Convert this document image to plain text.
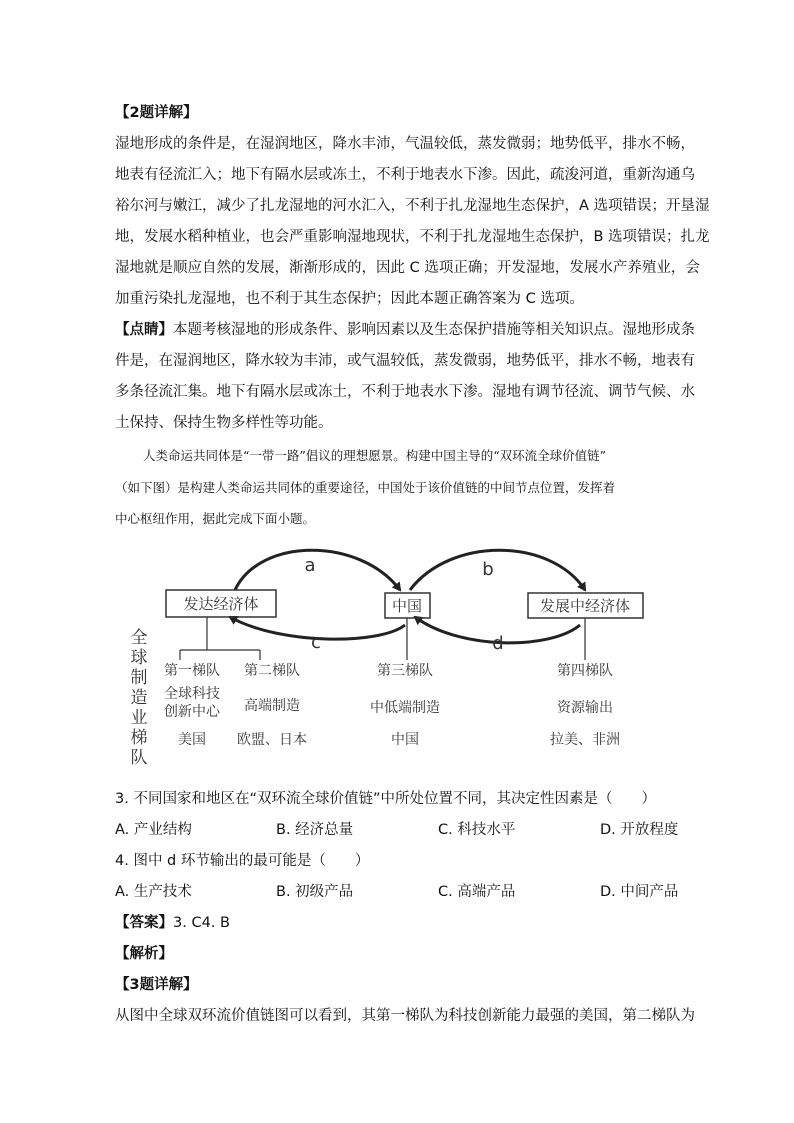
【2题详解】
湿地形成的条件是，在湿润地区，降水丰沛，气温较低，蒸发微弱；地势低平，排水不畅，
地表有径流汇入；地下有隔水层或冻土，不利于地表水下渗。因此，疏浚河道，重新沟通乌
裕尔河与嫩江，减少了扎龙湿地的河水汇入，不利于扎龙湿地生态保护，A 选项错误；开垦湿
地，发展水稻种植业，也会严重影响湿地现状，不利于扎龙湿地生态保护，B 选项错误；扎龙
湿地就是顺应自然的发展，渐渐形成的，因此 C 选项正确；开发湿地，发展水产养殖业，会
加重污染扎龙湿地，也不利于其生态保护；因此本题正确答案为 C 选项。
【点睛】本题考核湿地的形成条件、影响因素以及生态保护措施等相关知识点。湿地形成条
件是，在湿润地区，降水较为丰沛，或气温较低，蒸发微弱，地势低平，排水不畅，地表有
多条径流汇集。地下有隔水层或冻土，不利于地表水下渗。湿地有调节径流、调节气候、水
土保持、保持生物多样性等功能。
人类命运共同体是“一带一路”倡议的理想愿景。构建中国主导的“双环流全球价值链”
（如下图）是构建人类命运共同体的重要途径，中国处于该价值链的中间节点位置，发挥着
中心枢纽作用，据此完成下面小题。
发达经济体	中国	发展中经济体
a	b
c	d
全
球
制
造
业
梯
队
第一梯队
全球科技
创新中心
美国
第二梯队
高端制造
欧盟、日本
第三梯队
中低端制造
中国
第四梯队
资源输出
拉美、非洲
3. 不同国家和地区在“双环流全球价值链”中所处位置不同，其决定性因素是（　　）
A. 产业结构	B. 经济总量	C. 科技水平	D. 开放程度
4. 图中 d 环节输出的最可能是（　　）
A. 生产技术	B. 初级产品	C. 高端产品	D. 中间产品
【答案】3. C4. B
【解析】
【3题详解】
从图中全球双环流价值链图可以看到，其第一梯队为科技创新能力最强的美国，第二梯队为
